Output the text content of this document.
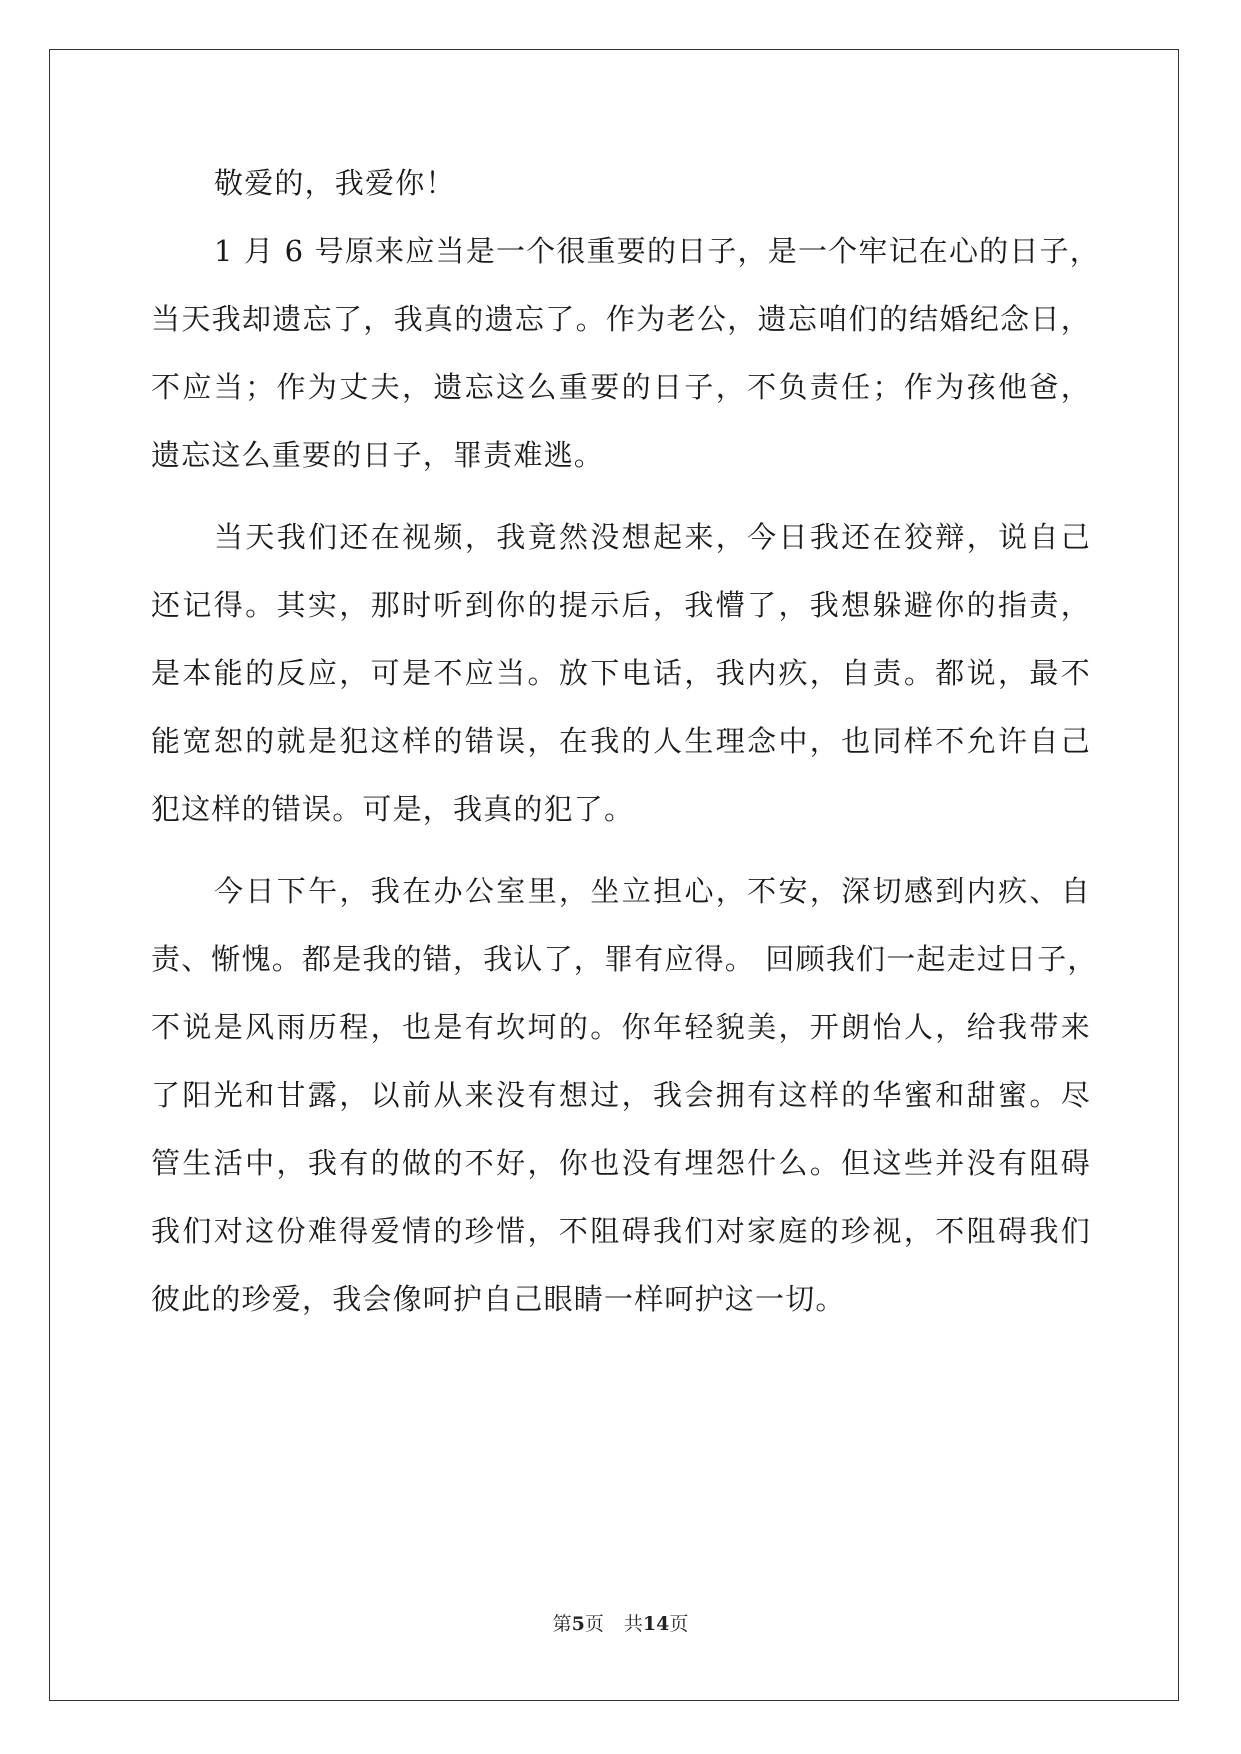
敬爱的，我爱你！
1 月 6 号原来应当是一个很重要的日子，是一个牢记在心的日子，
当天我却遗忘了，我真的遗忘了。作为老公，遗忘咱们的结婚纪念日，
不应当；作为丈夫，遗忘这么重要的日子，不负责任；作为孩他爸，
遗忘这么重要的日子，罪责难逃。
当天我们还在视频，我竟然没想起来，今日我还在狡辩，说自己
还记得。其实，那时听到你的提示后，我懵了，我想躲避你的指责，
是本能的反应，可是不应当。放下电话，我内疚，自责。都说，最不
能宽恕的就是犯这样的错误，在我的人生理念中，也同样不允许自己
犯这样的错误。可是，我真的犯了。
今日下午，我在办公室里，坐立担心，不安，深切感到内疚、自
责、惭愧。都是我的错，我认了，罪有应得。 回顾我们一起走过日子，
不说是风雨历程，也是有坎坷的。你年轻貌美，开朗怡人，给我带来
了阳光和甘露，以前从来没有想过，我会拥有这样的华蜜和甜蜜。尽
管生活中，我有的做的不好，你也没有埋怨什么。但这些并没有阻碍
我们对这份难得爱情的珍惜，不阻碍我们对家庭的珍视，不阻碍我们
彼此的珍爱，我会像呵护自己眼睛一样呵护这一切。
第5页 共14页
